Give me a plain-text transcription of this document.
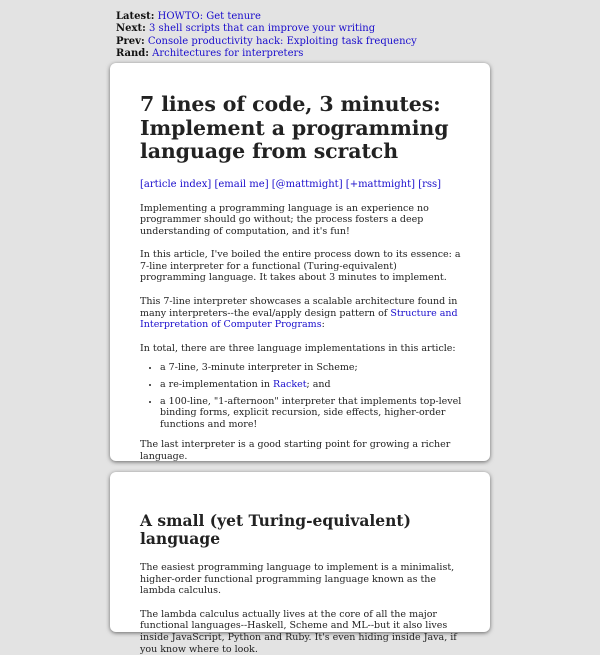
Latest: HOWTO: Get tenure
Next: 3 shell scripts that can improve your writing
Prev: Console productivity hack: Exploiting task frequency
Rand: Architectures for interpreters
7 lines of code, 3 minutes: Implement a programming language from scratch
[article index] [email me] [@mattmight] [+mattmight] [rss]

Implementing a programming language is an experience no programmer should go without; the process fosters a deep understanding of computation, and it's fun!

In this article, I've boiled the entire process down to its essence: a 7-line interpreter for a functional (Turing-equivalent) programming language. It takes about 3 minutes to implement.

This 7-line interpreter showcases a scalable architecture found in many interpreters--the eval/apply design pattern of Structure and Interpretation of Computer Programs:

In total, there are three language implementations in this article:

• a 7-line, 3-minute interpreter in Scheme;
• a re-implementation in Racket; and
• a 100-line, "1-afternoon" interpreter that implements top-level binding forms, explicit recursion, side effects, higher-order functions and more!

The last interpreter is a good starting point for growing a richer language.

A small (yet Turing-equivalent) language

The easiest programming language to implement is a minimalist, higher-order functional programming language known as the lambda calculus.

The lambda calculus actually lives at the core of all the major functional languages--Haskell, Scheme and ML--but it also lives inside JavaScript, Python and Ruby. It's even hiding inside Java, if you know where to look.
